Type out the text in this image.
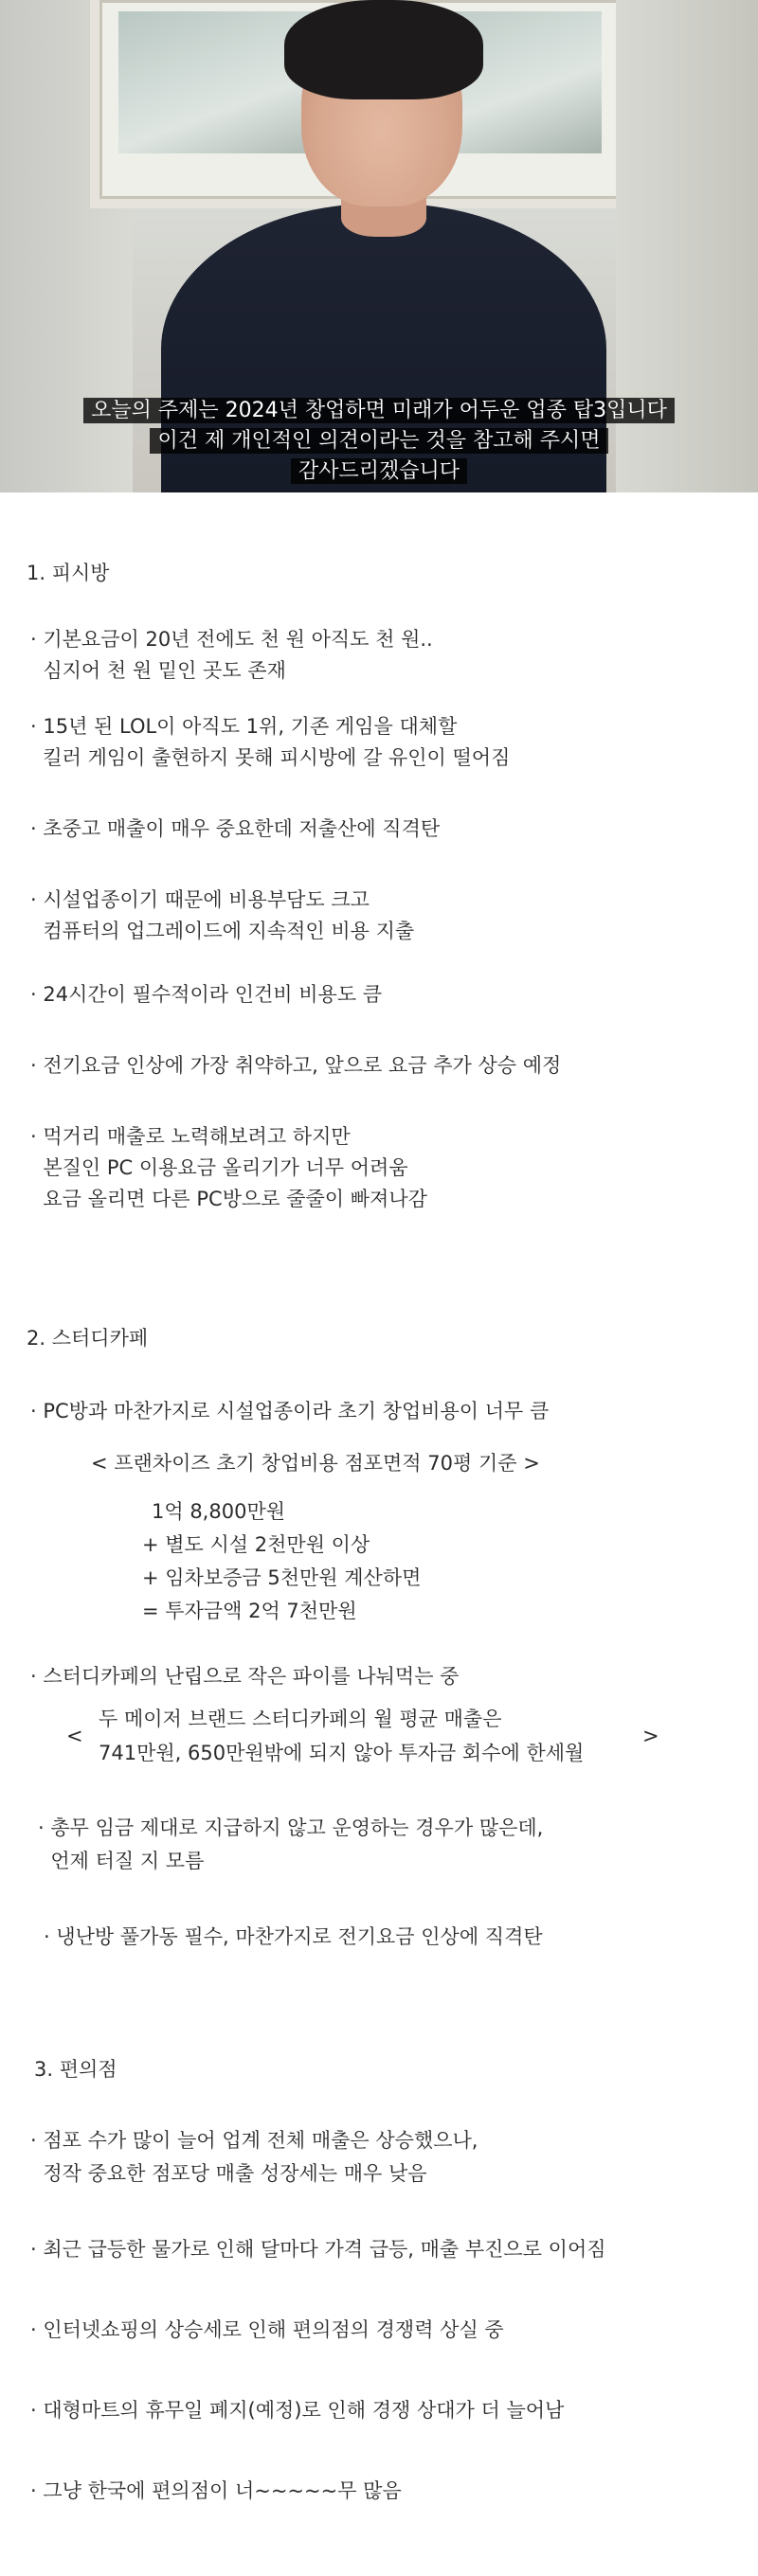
오늘의 주제는 2024년 창업하면 미래가 어두운 업종 탑3입니다
이건 제 개인적인 의견이라는 것을 참고해 주시면
감사드리겠습니다
1. 피시방
· 기본요금이 20년 전에도 천 원 아직도 천 원..
심지어 천 원 밑인 곳도 존재
· 15년 된 LOL이 아직도 1위, 기존 게임을 대체할
킬러 게임이 출현하지 못해 피시방에 갈 유인이 떨어짐
· 초중고 매출이 매우 중요한데 저출산에 직격탄
· 시설업종이기 때문에 비용부담도 크고
컴퓨터의 업그레이드에 지속적인 비용 지출
· 24시간이 필수적이라 인건비 비용도 큼
· 전기요금 인상에 가장 취약하고, 앞으로 요금 추가 상승 예정
· 먹거리 매출로 노력해보려고 하지만
본질인 PC 이용요금 올리기가 너무 어려움
요금 올리면 다른 PC방으로 줄줄이 빠져나감
2. 스터디카페
· PC방과 마찬가지로 시설업종이라 초기 창업비용이 너무 큼
< 프랜차이즈 초기 창업비용 점포면적 70평 기준 >
1억 8,800만원
+ 별도 시설 2천만원 이상
+ 임차보증금 5천만원 계산하면
= 투자금액 2억 7천만원
· 스터디카페의 난립으로 작은 파이를 나눠먹는 중
<
두 메이저 브랜드 스터디카페의 월 평균 매출은
741만원, 650만원밖에 되지 않아 투자금 회수에 한세월
>
· 총무 임금 제대로 지급하지 않고 운영하는 경우가 많은데,
언제 터질 지 모름
· 냉난방 풀가동 필수, 마찬가지로 전기요금 인상에 직격탄
3. 편의점
· 점포 수가 많이 늘어 업계 전체 매출은 상승했으나,
정작 중요한 점포당 매출 성장세는 매우 낮음
· 최근 급등한 물가로 인해 달마다 가격 급등, 매출 부진으로 이어짐
· 인터넷쇼핑의 상승세로 인해 편의점의 경쟁력 상실 중
· 대형마트의 휴무일 폐지(예정)로 인해 경쟁 상대가 더 늘어남
· 그냥 한국에 편의점이 너~~~~~무 많음
